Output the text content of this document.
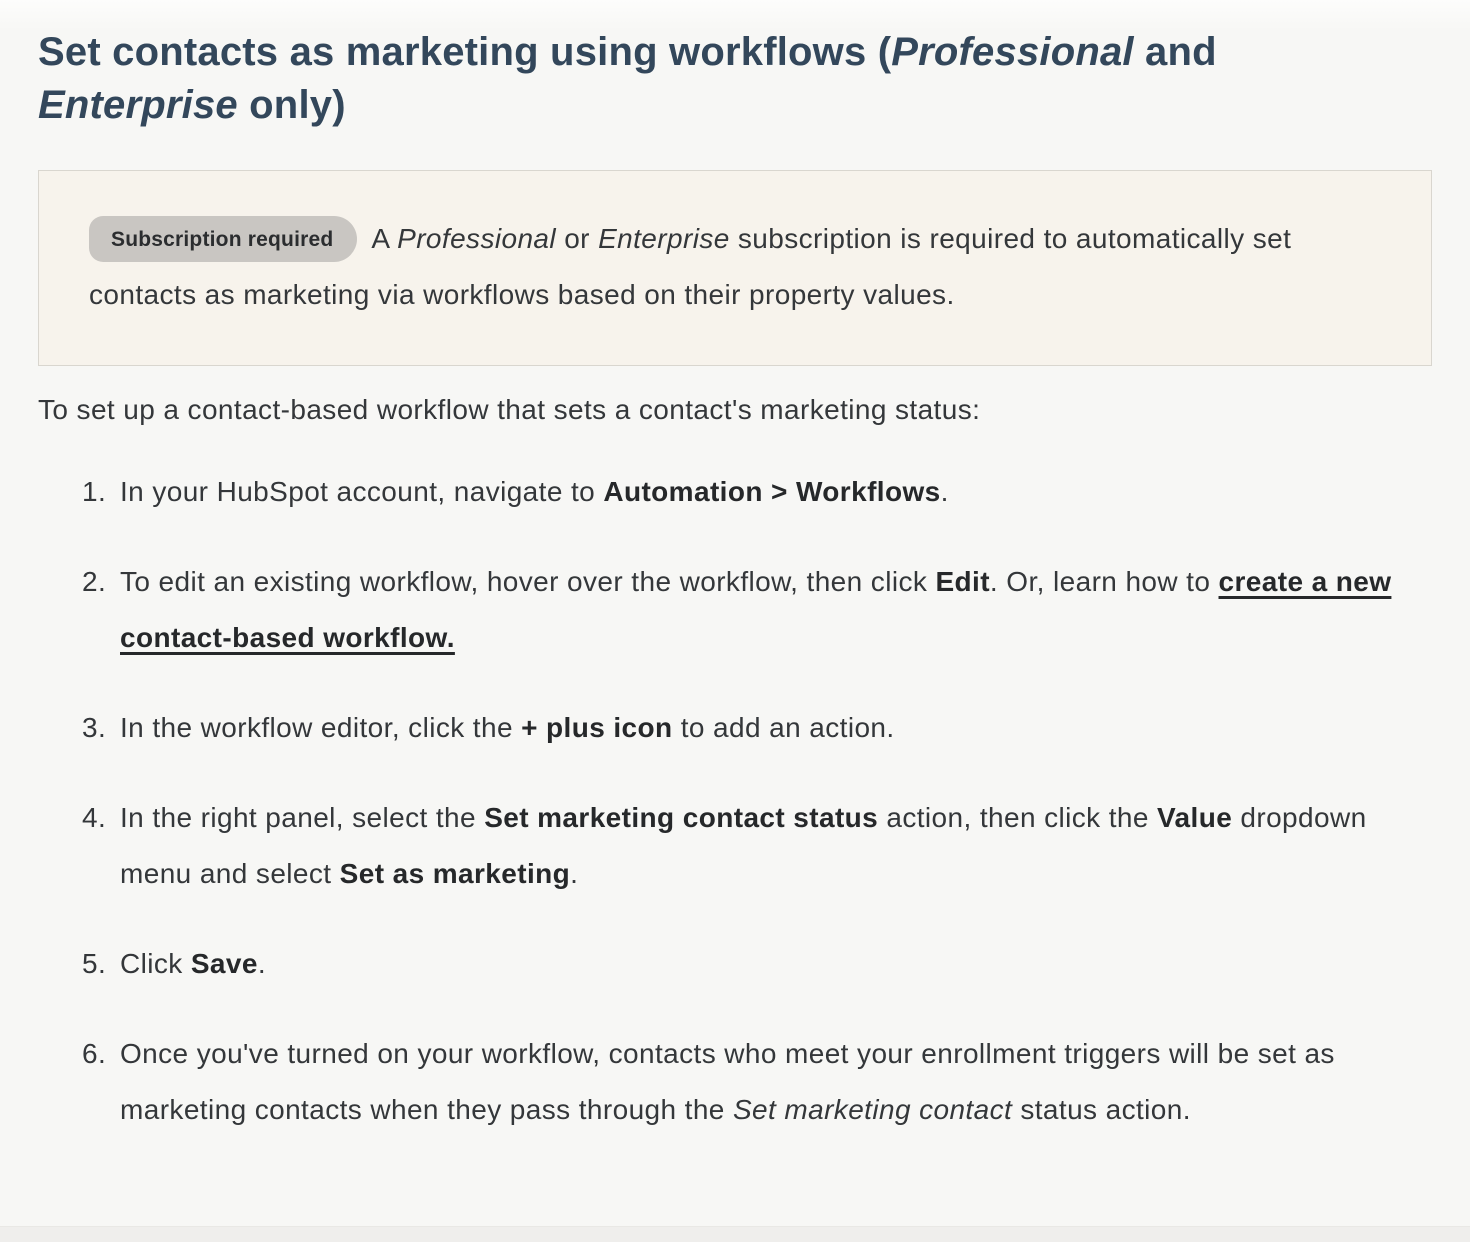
Set contacts as marketing using workflows (Professional and Enterprise only)

Subscription required A Professional or Enterprise subscription is required to automatically set contacts as marketing via workflows based on their property values.

To set up a contact-based workflow that sets a contact's marketing status:

1. In your HubSpot account, navigate to Automation > Workflows.
2. To edit an existing workflow, hover over the workflow, then click Edit. Or, learn how to create a new contact-based workflow.
3. In the workflow editor, click the + plus icon to add an action.
4. In the right panel, select the Set marketing contact status action, then click the Value dropdown menu and select Set as marketing.
5. Click Save.
6. Once you've turned on your workflow, contacts who meet your enrollment triggers will be set as marketing contacts when they pass through the Set marketing contact status action.
